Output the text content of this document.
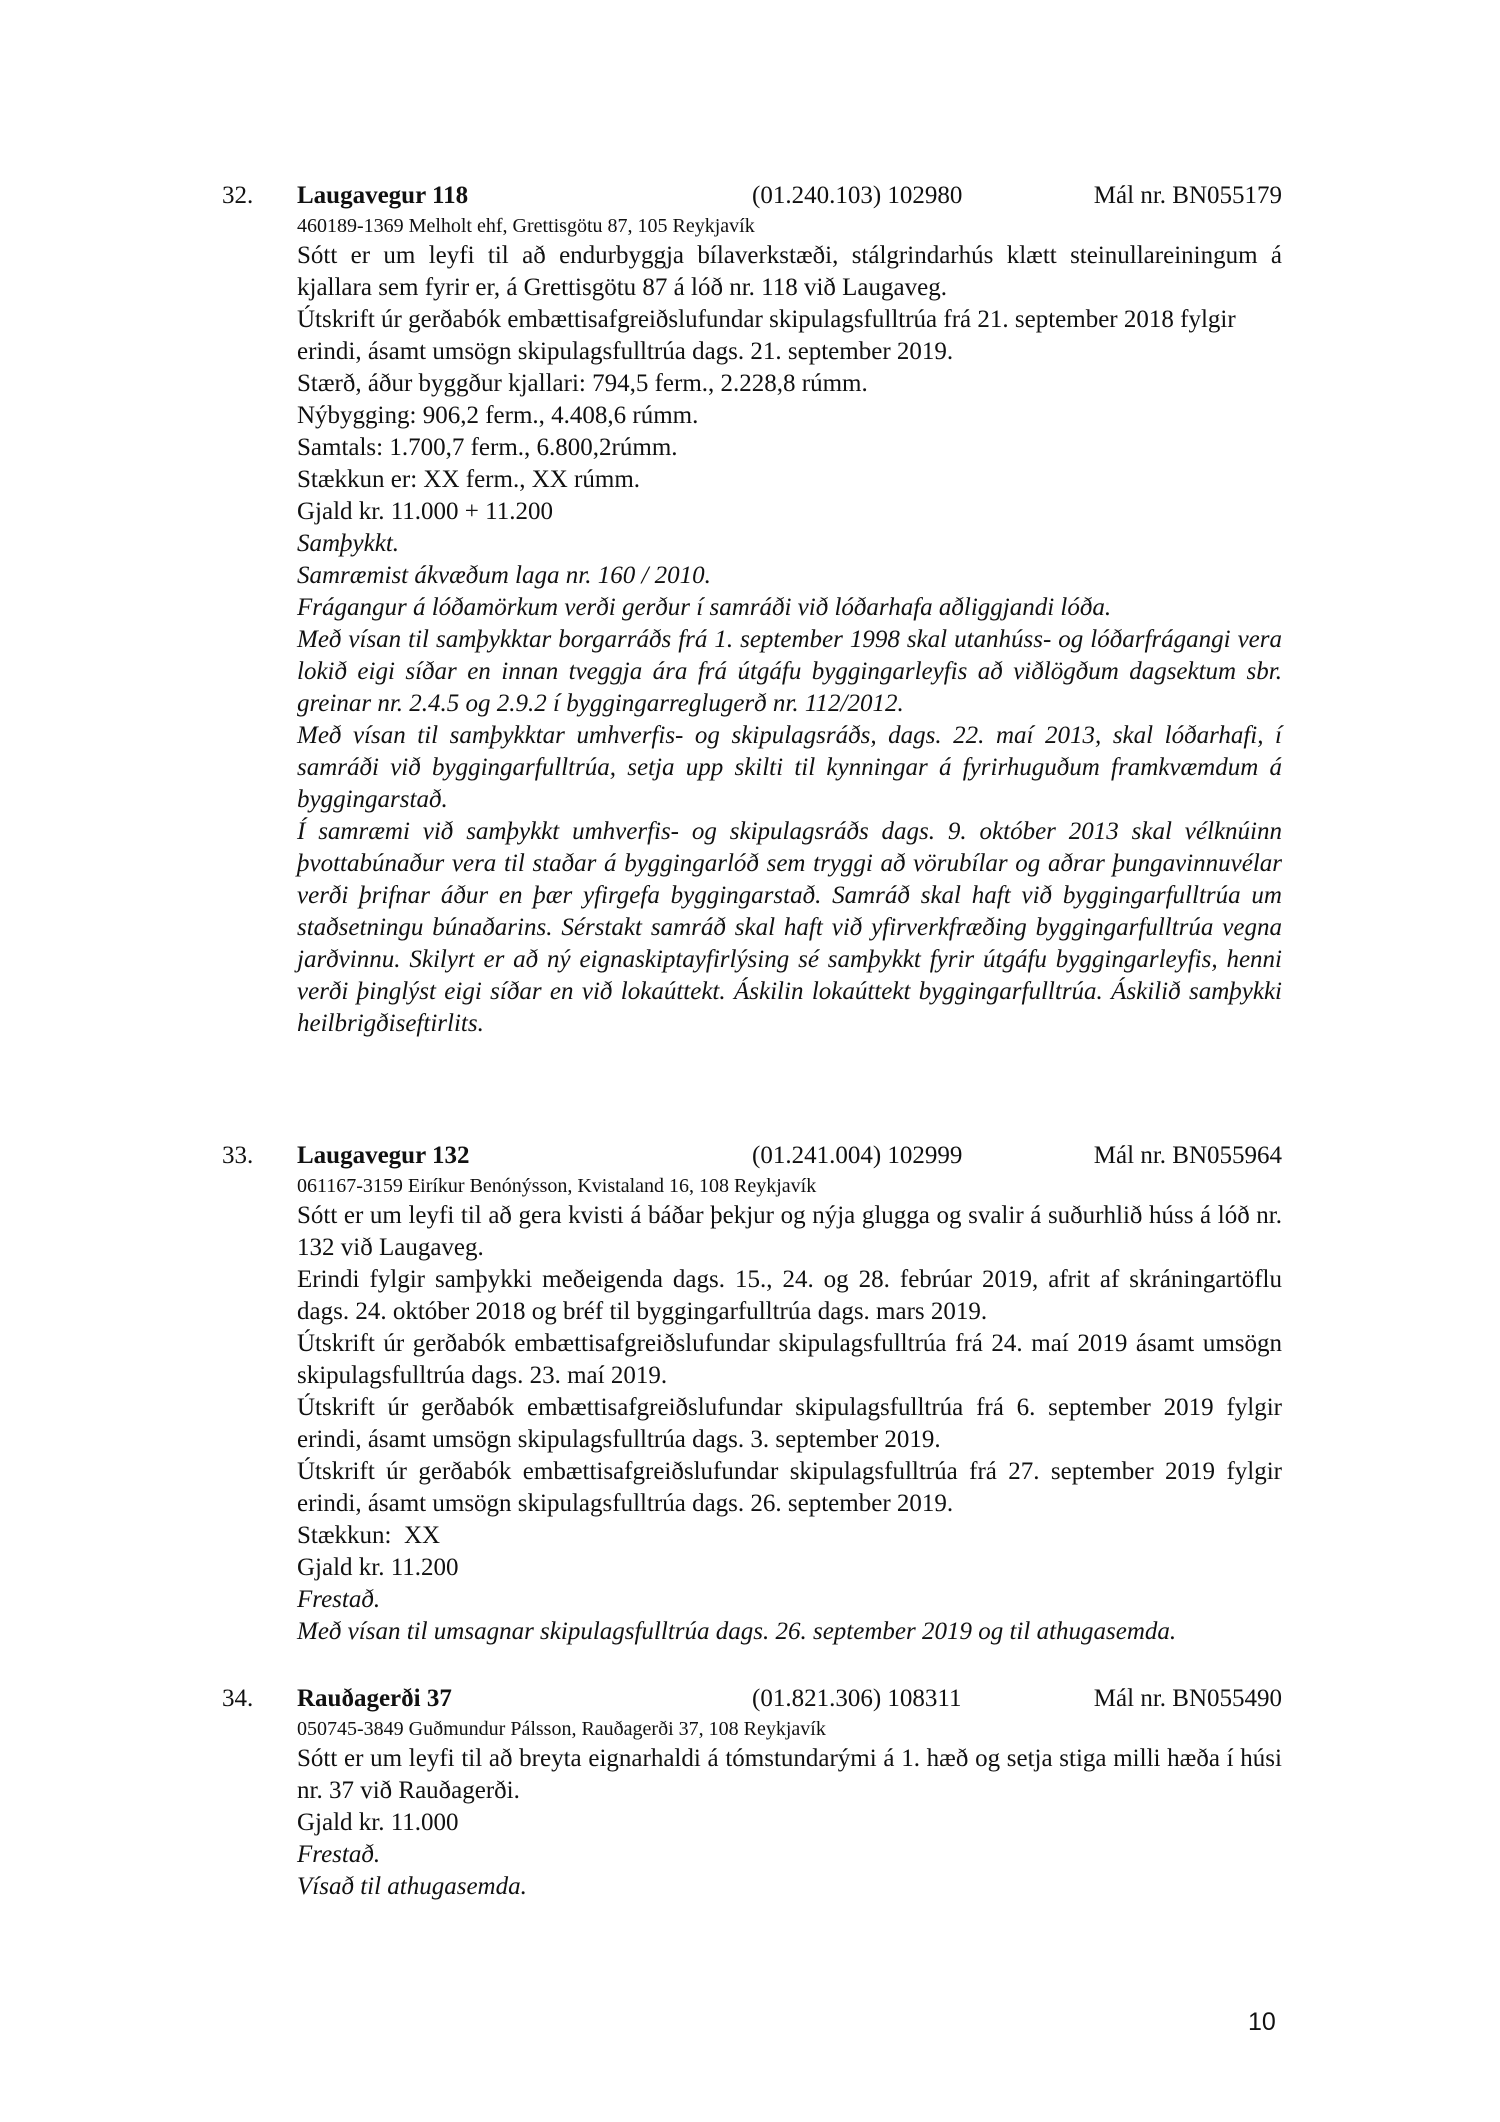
32. Laugavegur 118	(01.240.103) 102980	Mál nr. BN055179
460189-1369 Melholt ehf, Grettisgötu 87, 105 Reykjavík

Sótt er um leyfi til að endurbyggja bílaverkstæði, stálgrindarhús klætt steinullareiningum á kjallara sem fyrir er, á Grettisgötu 87 á lóð nr. 118 við Laugaveg.

Útskrift úr gerðabók embættisafgreiðslufundar skipulagsfulltrúa frá 21. september 2018 fylgir erindi, ásamt umsögn skipulagsfulltrúa dags. 21. september 2019.

Stærð, áður byggður kjallari: 794,5 ferm., 2.228,8 rúmm.

Nýbygging: 906,2 ferm., 4.408,6 rúmm.

Samtals: 1.700,7 ferm., 6.800,2rúmm.

Stækkun er: XX ferm., XX rúmm.

Gjald kr. 11.000 + 11.200

Samþykkt.

Samræmist ákvæðum laga nr. 160 / 2010.

Frágangur á lóðamörkum verði gerður í samráði við lóðarhafa aðliggjandi lóða.

Með vísan til samþykktar borgarráðs frá 1. september 1998 skal utanhúss- og lóðarfrágangi vera lokið eigi síðar en innan tveggja ára frá útgáfu byggingarleyfis að viðlögðum dagsektum sbr. greinar nr. 2.4.5 og 2.9.2 í byggingarreglugerð nr. 112/2012.

Með vísan til samþykktar umhverfis- og skipulagsráðs, dags. 22. maí 2013, skal lóðarhafi, í samráði við byggingarfulltrúa, setja upp skilti til kynningar á fyrirhuguðum framkvæmdum á byggingarstað.

Í samræmi við samþykkt umhverfis- og skipulagsráðs dags. 9. október 2013 skal vélknúinn þvottabúnaður vera til staðar á byggingarlóð sem tryggi að vörubílar og aðrar þungavinnuvélar verði þrifnar áður en þær yfirgefa byggingarstað. Samráð skal haft við byggingarfulltrúa um staðsetningu búnaðarins. Sérstakt samráð skal haft við yfirverkfræðing byggingarfulltrúa vegna jarðvinnu. Skilyrt er að ný eignaskiptayfirlýsing sé samþykkt fyrir útgáfu byggingarleyfis, henni verði þinglýst eigi síðar en við lokaúttekt. Áskilin lokaúttekt byggingarfulltrúa. Áskilið samþykki heilbrigðiseftirlits.

33. Laugavegur 132	(01.241.004) 102999	Mál nr. BN055964
061167-3159 Eiríkur Benónýsson, Kvistaland 16, 108 Reykjavík

Sótt er um leyfi til að gera kvisti á báðar þekjur og nýja glugga og svalir á suðurhlið húss á lóð nr. 132 við Laugaveg.

Erindi fylgir samþykki meðeigenda dags. 15., 24. og 28. febrúar 2019, afrit af skráningartöflu dags. 24. október 2018 og bréf til byggingarfulltrúa dags. mars 2019.

Útskrift úr gerðabók embættisafgreiðslufundar skipulagsfulltrúa frá 24. maí 2019 ásamt umsögn skipulagsfulltrúa dags. 23. maí 2019.

Útskrift úr gerðabók embættisafgreiðslufundar skipulagsfulltrúa frá 6. september 2019 fylgir erindi, ásamt umsögn skipulagsfulltrúa dags. 3. september 2019.

Útskrift úr gerðabók embættisafgreiðslufundar skipulagsfulltrúa frá 27. september 2019 fylgir erindi, ásamt umsögn skipulagsfulltrúa dags. 26. september 2019.

Stækkun:  XX

Gjald kr. 11.200

Frestað.

Með vísan til umsagnar skipulagsfulltrúa dags. 26. september 2019 og til athugasemda.

34. Rauðagerði 37	(01.821.306) 108311	Mál nr. BN055490
050745-3849 Guðmundur Pálsson, Rauðagerði 37, 108 Reykjavík

Sótt er um leyfi til að breyta eignarhaldi á tómstundarými á 1. hæð og setja stiga milli hæða í húsi nr. 37 við Rauðagerði.

Gjald kr. 11.000

Frestað.

Vísað til athugasemda.

10
